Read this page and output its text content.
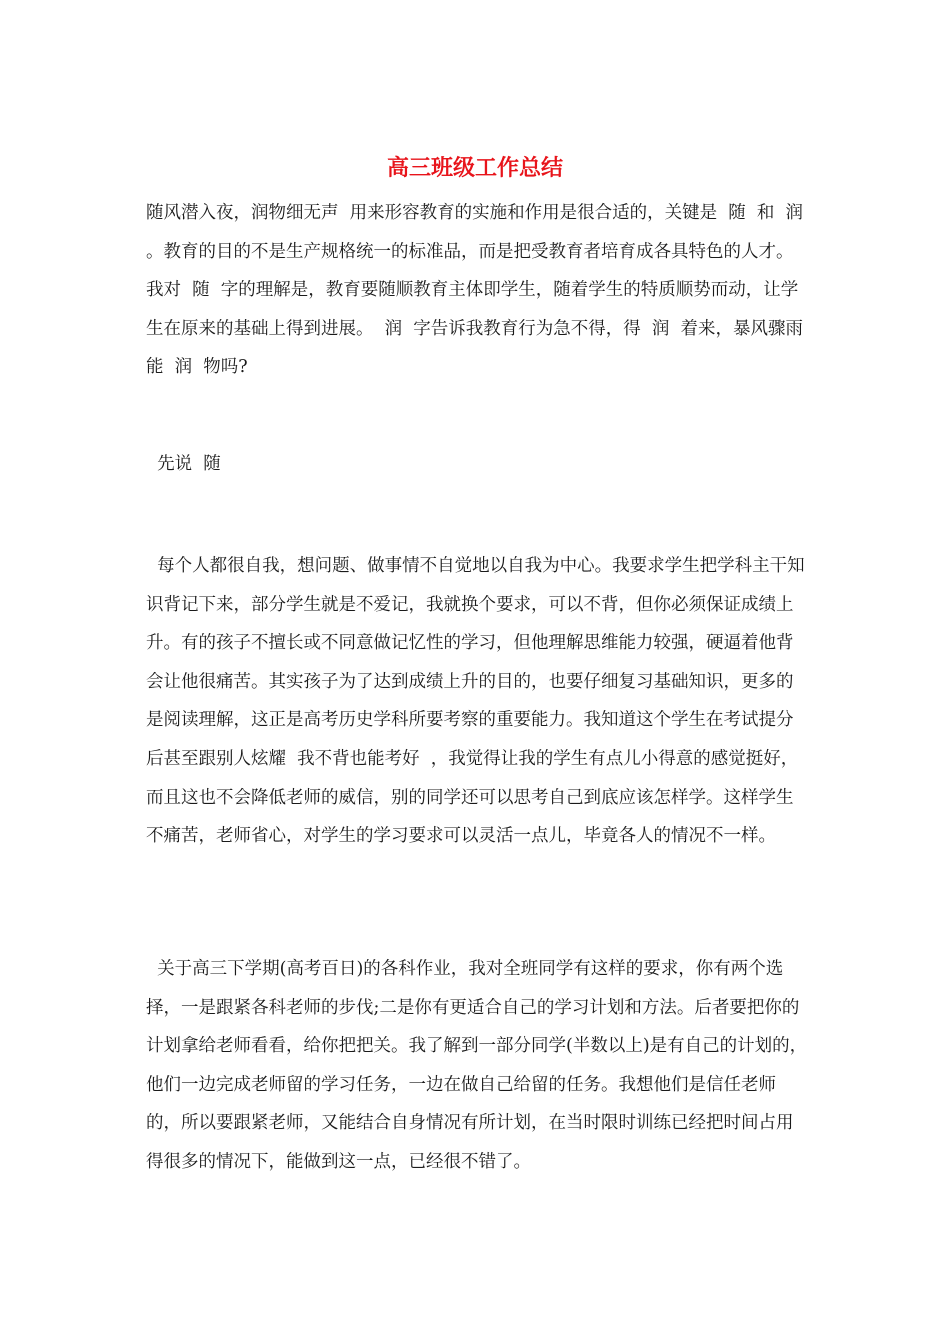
高三班级工作总结

随风潜入夜，润物细无声  用来形容教育的实施和作用是很合适的，关键是  随  和  润  。教育的目的不是生产规格统一的标准品，而是把受教育者培育成各具特色的人才。我对  随  字的理解是，教育要随顺教育主体即学生，随着学生的特质顺势而动，让学生在原来的基础上得到进展。  润  字告诉我教育行为急不得，得  润  着来，暴风骤雨能  润  物吗?

先说  随

每个人都很自我，想问题、做事情不自觉地以自我为中心。我要求学生把学科主干知识背记下来，部分学生就是不爱记，我就换个要求，可以不背，但你必须保证成绩上升。有的孩子不擅长或不同意做记忆性的学习，但他理解思维能力较强，硬逼着他背会让他很痛苦。其实孩子为了达到成绩上升的目的，也要仔细复习基础知识，更多的是阅读理解，这正是高考历史学科所要考察的重要能力。我知道这个学生在考试提分后甚至跟别人炫耀  我不背也能考好  ，我觉得让我的学生有点儿小得意的感觉挺好，而且这也不会降低老师的威信，别的同学还可以思考自己到底应该怎样学。这样学生不痛苦，老师省心，对学生的学习要求可以灵活一点儿，毕竟各人的情况不一样。

关于高三下学期(高考百日)的各科作业，我对全班同学有这样的要求，你有两个选择，一是跟紧各科老师的步伐;二是你有更适合自己的学习计划和方法。后者要把你的计划拿给老师看看，给你把把关。我了解到一部分同学(半数以上)是有自己的计划的，他们一边完成老师留的学习任务，一边在做自己给留的任务。我想他们是信任老师的，所以要跟紧老师，又能结合自身情况有所计划，在当时限时训练已经把时间占用得很多的情况下，能做到这一点，已经很不错了。
